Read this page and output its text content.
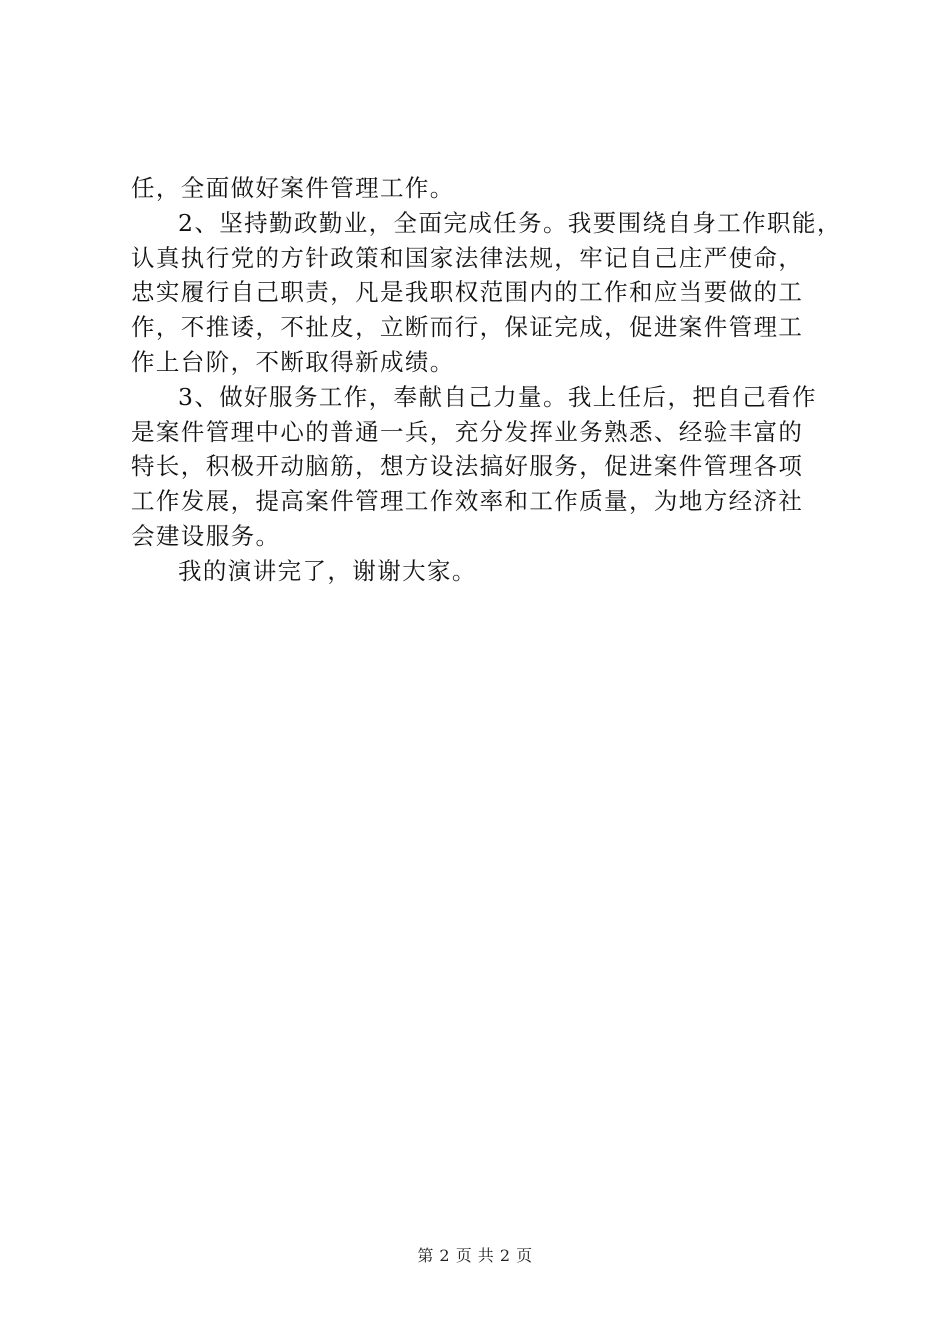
任，全面做好案件管理工作。
2、坚持勤政勤业，全面完成任务。我要围绕自身工作职能，
认真执行党的方针政策和国家法律法规，牢记自己庄严使命，
忠实履行自己职责，凡是我职权范围内的工作和应当要做的工
作，不推诿，不扯皮，立断而行，保证完成，促进案件管理工
作上台阶，不断取得新成绩。
3、做好服务工作，奉献自己力量。我上任后，把自己看作
是案件管理中心的普通一兵，充分发挥业务熟悉、经验丰富的
特长，积极开动脑筋，想方设法搞好服务，促进案件管理各项
工作发展，提高案件管理工作效率和工作质量，为地方经济社
会建设服务。
我的演讲完了，谢谢大家。
第 2 页 共 2 页
